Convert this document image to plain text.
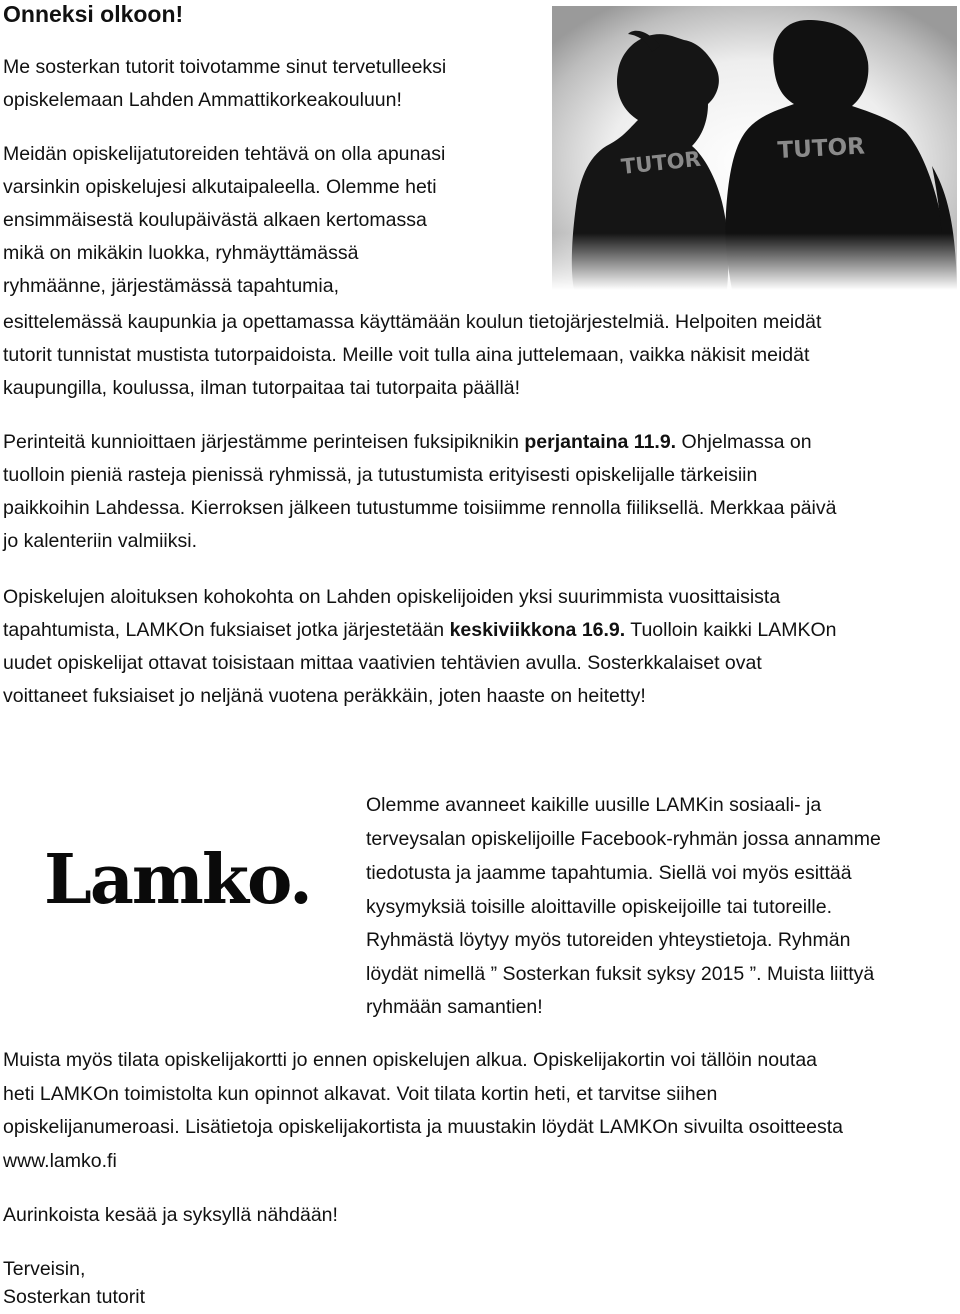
Onneksi olkoon!

Me sosterkan tutorit toivotamme sinut tervetulleeksi

opiskelemaan Lahden Ammattikorkeakouluun!

Meidän opiskelijatutoreiden tehtävä on olla apunasi

varsinkin opiskelujesi alkutaipaleella. Olemme heti

ensimmäisestä koulupäivästä alkaen kertomassa

mikä on mikäkin luokka, ryhmäyttämässä

ryhmäänne, järjestämässä tapahtumia,

esittelemässä kaupunkia ja opettamassa käyttämään koulun tietojärjestelmiä. Helpoiten meidät

tutorit tunnistat mustista tutorpaidoista. Meille voit tulla aina juttelemaan, vaikka näkisit meidät

kaupungilla, koulussa, ilman tutorpaitaa tai tutorpaita päällä!

Perinteitä kunnioittaen järjestämme perinteisen fuksipiknikin perjantaina 11.9. Ohjelmassa on

tuolloin pieniä rasteja pienissä ryhmissä, ja tutustumista erityisesti opiskelijalle tärkeisiin

paikkoihin Lahdessa. Kierroksen jälkeen tutustumme toisiimme rennolla fiiliksellä. Merkkaa päivä

jo kalenteriin valmiiksi.

Opiskelujen aloituksen kohokohta on Lahden opiskelijoiden yksi suurimmista vuosittaisista

tapahtumista, LAMKOn fuksiaiset jotka järjestetään keskiviikkona 16.9. Tuolloin kaikki LAMKOn

uudet opiskelijat ottavat toisistaan mittaa vaativien tehtävien avulla. Sosterkkalaiset ovat

voittaneet fuksiaiset jo neljänä vuotena peräkkäin, joten haaste on heitetty!

Olemme avanneet kaikille uusille LAMKin sosiaali- ja

terveysalan opiskelijoille Facebook-ryhmän jossa annamme

tiedotusta ja jaamme tapahtumia. Siellä voi myös esittää

kysymyksiä toisille aloittaville opiskeijoille tai tutoreille.

Ryhmästä löytyy myös tutoreiden yhteystietoja. Ryhmän

löydät nimellä ” Sosterkan fuksit syksy 2015 ”. Muista liittyä

ryhmään samantien!

Muista myös tilata opiskelijakortti jo ennen opiskelujen alkua. Opiskelijakortin voi tällöin noutaa

heti LAMKOn toimistolta kun opinnot alkavat. Voit tilata kortin heti, et tarvitse siihen

opiskelijanumeroasi. Lisätietoja opiskelijakortista ja muustakin löydät LAMKOn sivuilta osoitteesta

www.lamko.fi

Aurinkoista kesää ja syksyllä nähdään!

Terveisin,

Sosterkan tutorit

Lamko.
